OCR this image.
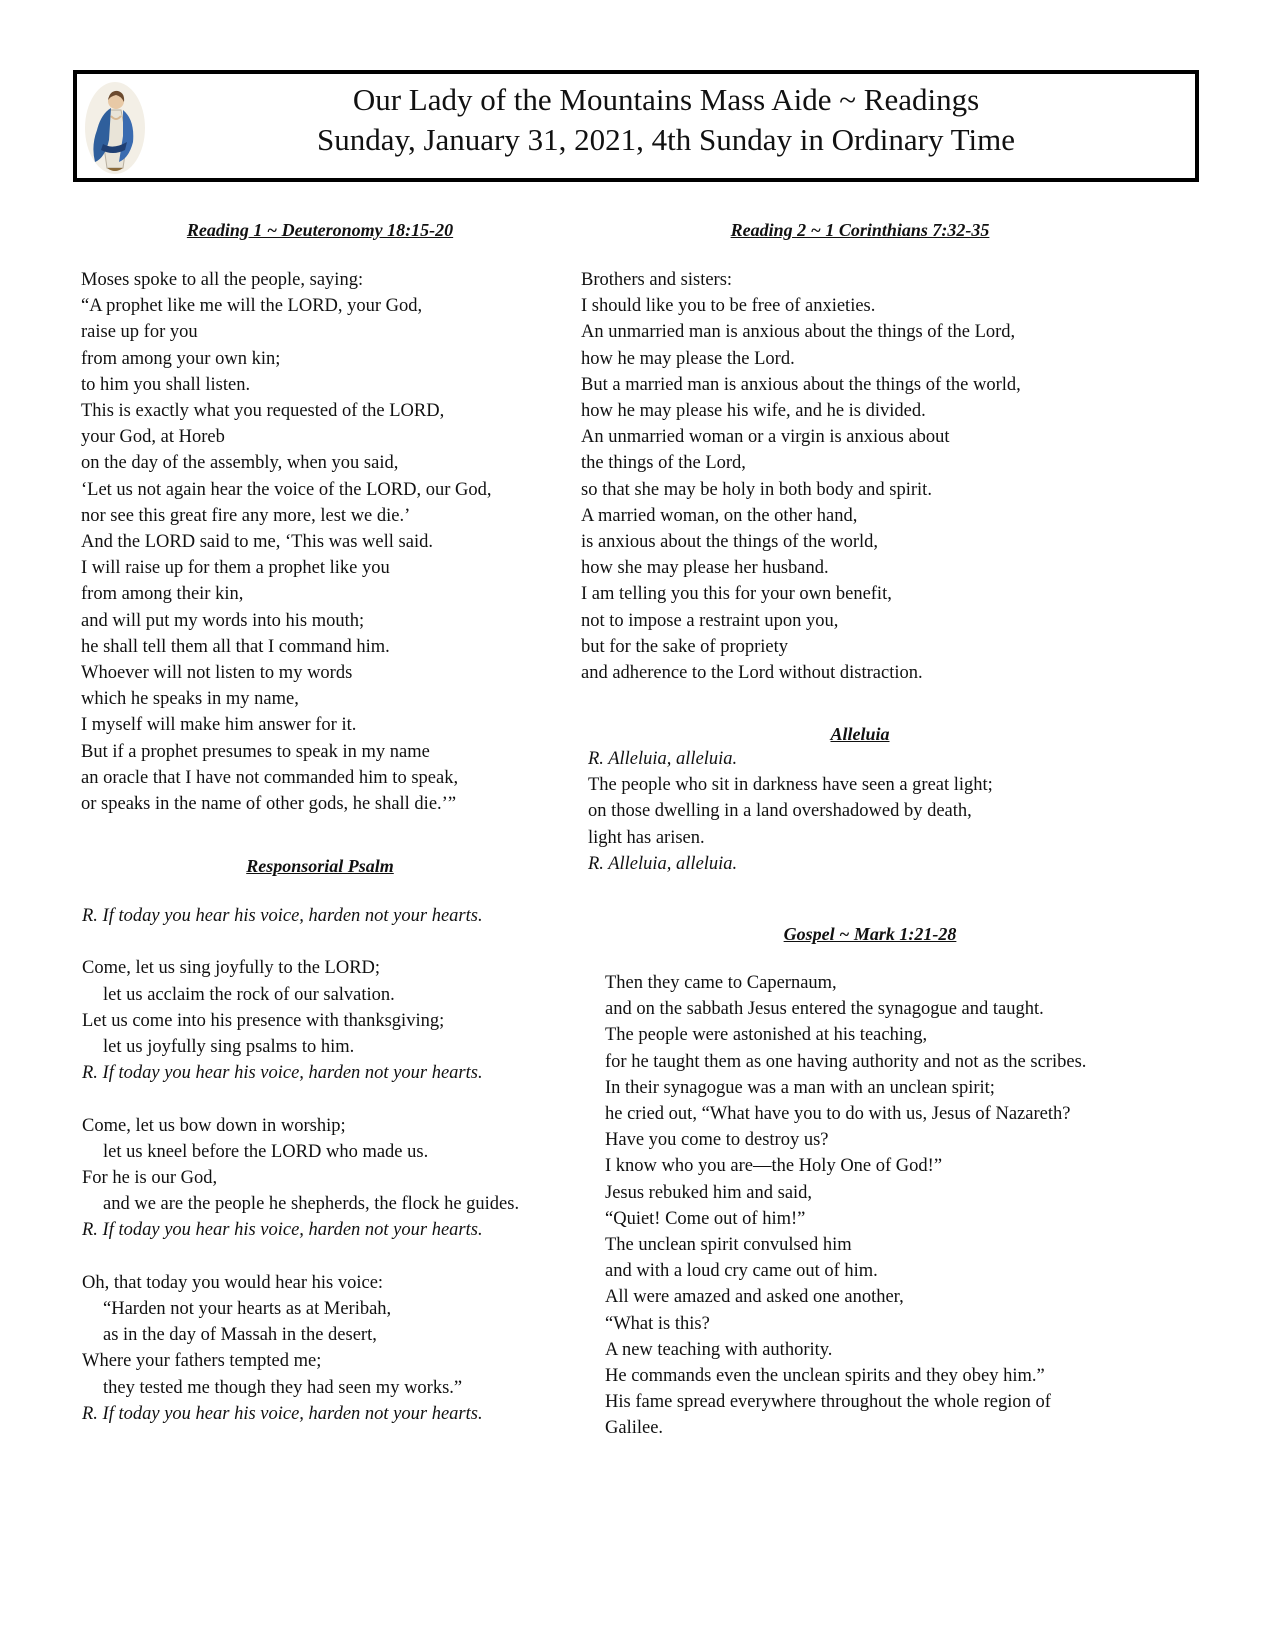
Our Lady of the Mountains Mass Aide ~ Readings
Sunday, January 31, 2021, 4th Sunday in Ordinary Time
Reading 1 ~ Deuteronomy 18:15-20
Moses spoke to all the people, saying:
“A prophet like me will the LORD, your God,
raise up for you
from among your own kin;
to him you shall listen.
This is exactly what you requested of the LORD,
your God, at Horeb
on the day of the assembly, when you said,
‘Let us not again hear the voice of the LORD, our God,
nor see this great fire any more, lest we die.’
And the LORD said to me, ‘This was well said.
I will raise up for them a prophet like you
from among their kin,
and will put my words into his mouth;
he shall tell them all that I command him.
Whoever will not listen to my words
which he speaks in my name,
I myself will make him answer for it.
But if a prophet presumes to speak in my name
an oracle that I have not commanded him to speak,
or speaks in the name of other gods, he shall die.’”
Responsorial Psalm
R. If today you hear his voice, harden not your hearts.
Come, let us sing joyfully to the LORD;
let us acclaim the rock of our salvation.
Let us come into his presence with thanksgiving;
let us joyfully sing psalms to him.
R. If today you hear his voice, harden not your hearts.
Come, let us bow down in worship;
let us kneel before the LORD who made us.
For he is our God,
and we are the people he shepherds, the flock he guides.
R. If today you hear his voice, harden not your hearts.
Oh, that today you would hear his voice:
“Harden not your hearts as at Meribah,
as in the day of Massah in the desert,
Where your fathers tempted me;
they tested me though they had seen my works.”
R. If today you hear his voice, harden not your hearts.
Reading 2 ~ 1 Corinthians 7:32-35
Brothers and sisters:
I should like you to be free of anxieties.
An unmarried man is anxious about the things of the Lord,
how he may please the Lord.
But a married man is anxious about the things of the world,
how he may please his wife, and he is divided.
An unmarried woman or a virgin is anxious about
the things of the Lord,
so that she may be holy in both body and spirit.
A married woman, on the other hand,
is anxious about the things of the world,
how she may please her husband.
I am telling you this for your own benefit,
not to impose a restraint upon you,
but for the sake of propriety
and adherence to the Lord without distraction.
Alleluia
R. Alleluia, alleluia.
The people who sit in darkness have seen a great light;
on those dwelling in a land overshadowed by death,
light has arisen.
R. Alleluia, alleluia.
Gospel ~ Mark 1:21-28
Then they came to Capernaum,
and on the sabbath Jesus entered the synagogue and taught.
The people were astonished at his teaching,
for he taught them as one having authority and not as the scribes.
In their synagogue was a man with an unclean spirit;
he cried out, “What have you to do with us, Jesus of Nazareth?
Have you come to destroy us?
I know who you are—the Holy One of God!”
Jesus rebuked him and said,
“Quiet! Come out of him!”
The unclean spirit convulsed him
and with a loud cry came out of him.
All were amazed and asked one another,
“What is this?
A new teaching with authority.
He commands even the unclean spirits and they obey him.”
His fame spread everywhere throughout the whole region of
Galilee.
